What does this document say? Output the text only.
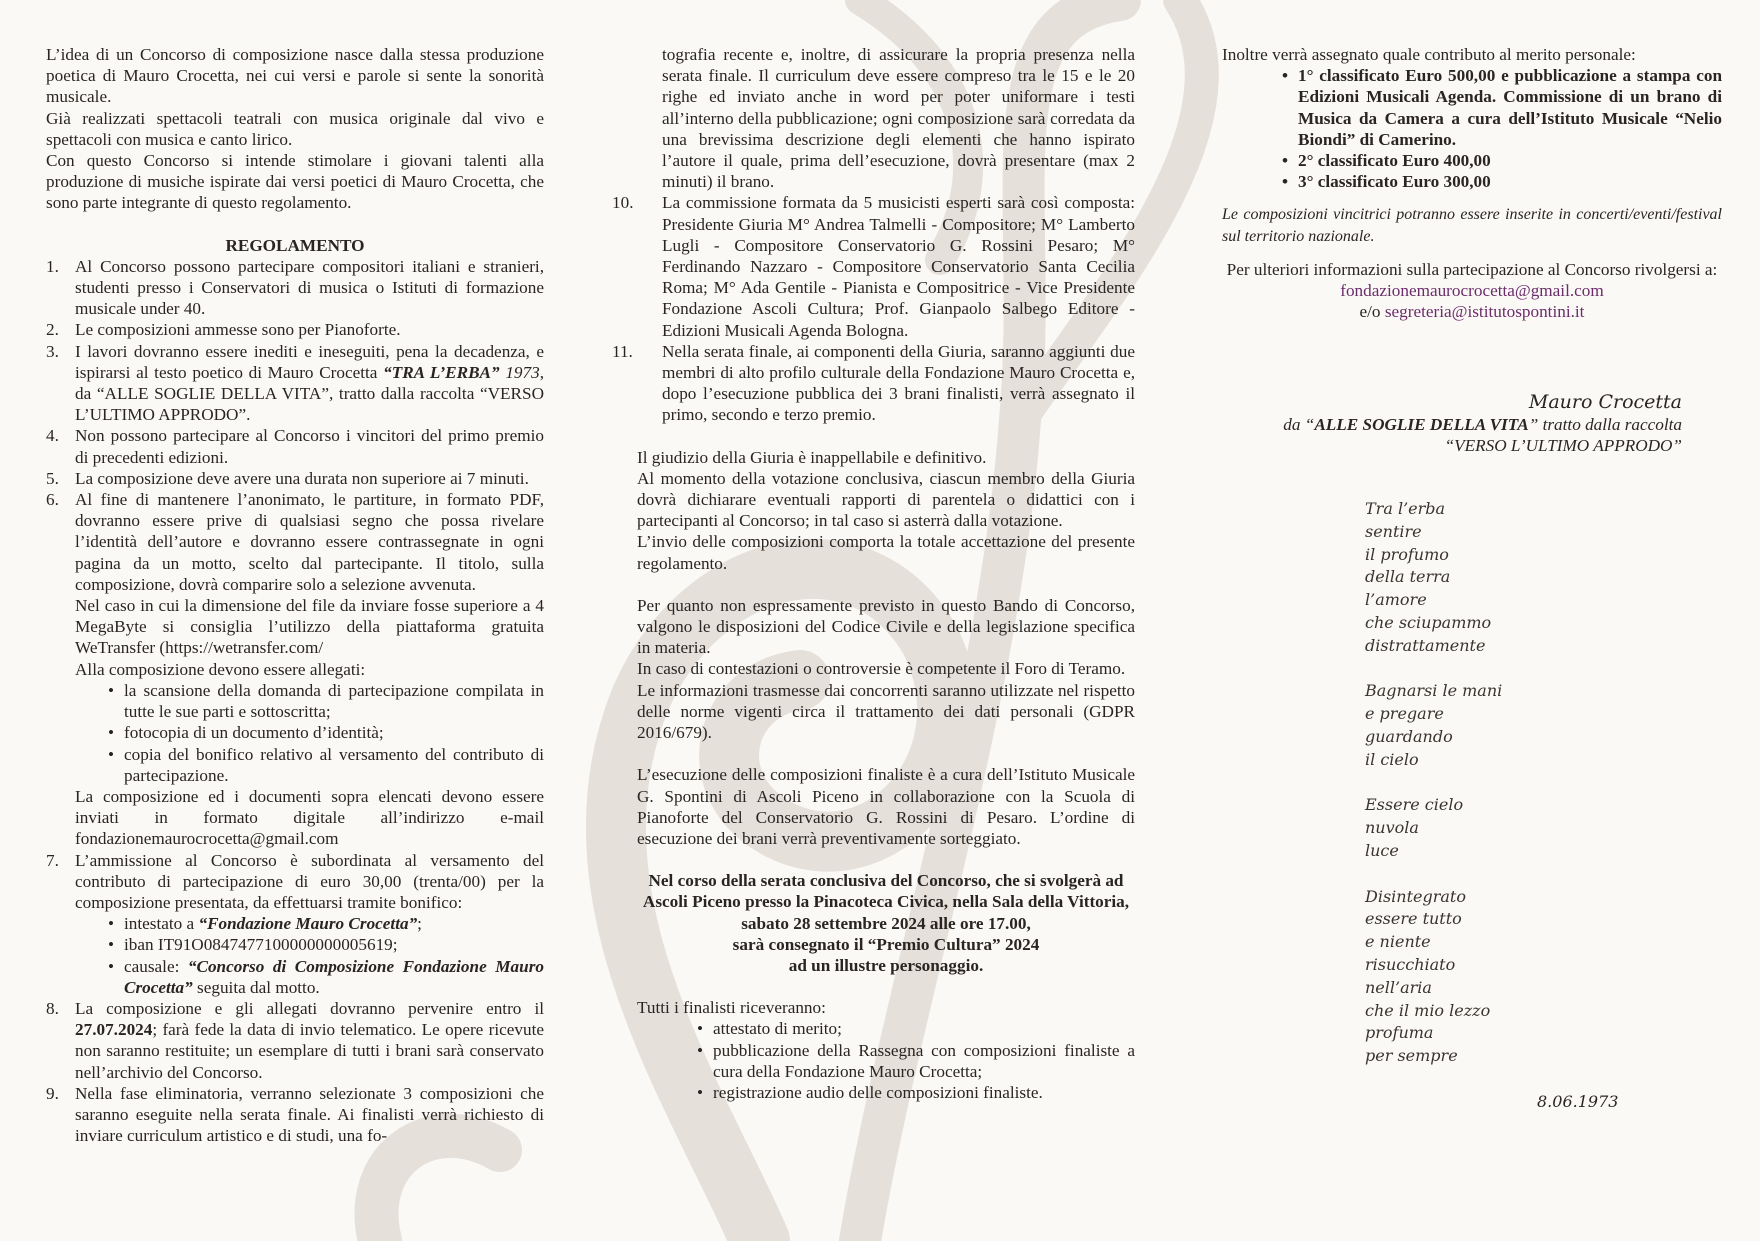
L’idea di un Concorso di composizione nasce dalla stessa produzione poetica di Mauro Crocetta, nei cui versi e parole si sente la sonorità musicale.

Già realizzati spettacoli teatrali con musica originale dal vivo e spettacoli con musica e canto lirico.

Con questo Concorso si intende stimolare i giovani talenti alla produzione di musiche ispirate dai versi poetici di Mauro Crocetta, che sono parte integrante di questo regolamento.

REGOLAMENTO

1. Al Concorso possono partecipare compositori italiani e stranieri, studenti presso i Conservatori di musica o Istituti di formazione musicale under 40.
2. Le composizioni ammesse sono per Pianoforte.
3. I lavori dovranno essere inediti e ineseguiti, pena la decadenza, e ispirarsi al testo poetico di Mauro Crocetta “TRA L’ERBA” 1973, da “ALLE SOGLIE DELLA VITA”, tratto dalla raccolta “VERSO L’ULTIMO APPRODO”.
4. Non possono partecipare al Concorso i vincitori del primo premio di precedenti edizioni.
5. La composizione deve avere una durata non superiore ai 7 minuti.
6. Al fine di mantenere l’anonimato, le partiture, in formato PDF, dovranno essere prive di qualsiasi segno che possa rivelare l’identità dell’autore e dovranno essere contrassegnate in ogni pagina da un motto, scelto dal partecipante. Il titolo, sulla composizione, dovrà comparire solo a selezione avvenuta.
Nel caso in cui la dimensione del file da inviare fosse superiore a 4 MegaByte si consiglia l’utilizzo della piattaforma gratuita WeTransfer (https://wetransfer.com/
Alla composizione devono essere allegati:
• la scansione della domanda di partecipazione compilata in tutte le sue parti e sottoscritta;
• fotocopia di un documento d’identità;
• copia del bonifico relativo al versamento del contributo di partecipazione.
La composizione ed i documenti sopra elencati devono essere inviati in formato digitale all’indirizzo e-mail fondazionemaurocrocetta@gmail.com
7. L’ammissione al Concorso è subordinata al versamento del contributo di partecipazione di euro 30,00 (trenta/00) per la composizione presentata, da effettuarsi tramite bonifico:
• intestato a “Fondazione Mauro Crocetta”;
• iban IT91O0847477100000000005619;
• causale: “Concorso di Composizione Fondazione Mauro Crocetta” seguita dal motto.
8. La composizione e gli allegati dovranno pervenire entro il 27.07.2024; farà fede la data di invio telematico. Le opere ricevute non saranno restituite; un esemplare di tutti i brani sarà conservato nell’archivio del Concorso.
9. Nella fase eliminatoria, verranno selezionate 3 composizioni che saranno eseguite nella serata finale. Ai finalisti verrà richiesto di inviare curriculum artistico e di studi, una fo-
tografia recente e, inoltre, di assicurare la propria presenza nella serata finale. Il curriculum deve essere compreso tra le 15 e le 20 righe ed inviato anche in word per poter uniformare i testi all’interno della pubblicazione; ogni composizione sarà corredata da una brevissima descrizione degli elementi che hanno ispirato l’autore il quale, prima dell’esecuzione, dovrà presentare (max 2 minuti) il brano.
10. La commissione formata da 5 musicisti esperti sarà così composta: Presidente Giuria M° Andrea Talmelli - Compositore; M° Lamberto Lugli - Compositore Conservatorio G. Rossini Pesaro; M° Ferdinando Nazzaro - Compositore Conservatorio Santa Cecilia Roma; M° Ada Gentile - Pianista e Compositrice - Vice Presidente Fondazione Ascoli Cultura; Prof. Gianpaolo Salbego Editore - Edizioni Musicali Agenda Bologna.
11. Nella serata finale, ai componenti della Giuria, saranno aggiunti due membri di alto profilo culturale della Fondazione Mauro Crocetta e, dopo l’esecuzione pubblica dei 3 brani finalisti, verrà assegnato il primo, secondo e terzo premio.

Il giudizio della Giuria è inappellabile e definitivo.

Al momento della votazione conclusiva, ciascun membro della Giuria dovrà dichiarare eventuali rapporti di parentela o didattici con i partecipanti al Concorso; in tal caso si asterrà dalla votazione.

L’invio delle composizioni comporta la totale accettazione del presente regolamento.

Per quanto non espressamente previsto in questo Bando di Concorso, valgono le disposizioni del Codice Civile e della legislazione specifica in materia.

In caso di contestazioni o controversie è competente il Foro di Teramo.

Le informazioni trasmesse dai concorrenti saranno utilizzate nel rispetto delle norme vigenti circa il trattamento dei dati personali (GDPR 2016/679).

L’esecuzione delle composizioni finaliste è a cura dell’Istituto Musicale G. Spontini di Ascoli Piceno in collaborazione con la Scuola di Pianoforte del Conservatorio G. Rossini di Pesaro. L’ordine di esecuzione dei brani verrà preventivamente sorteggiato.

Nel corso della serata conclusiva del Concorso, che si svolgerà ad Ascoli Piceno presso la Pinacoteca Civica, nella Sala della Vittoria, sabato 28 settembre 2024 alle ore 17.00,

sarà consegnato il “Premio Cultura” 2024

ad un illustre personaggio.

Tutti i finalisti riceveranno:

• attestato di merito;
• pubblicazione della Rassegna con composizioni finaliste a cura della Fondazione Mauro Crocetta;
• registrazione audio delle composizioni finaliste.

Inoltre verrà assegnato quale contributo al merito personale:

• 1° classificato Euro 500,00 e pubblicazione a stampa con Edizioni Musicali Agenda. Commissione di un brano di Musica da Camera a cura dell’Istituto Musicale “Nelio Biondi” di Camerino.
• 2° classificato Euro 400,00
• 3° classificato Euro 300,00

Le composizioni vincitrici potranno essere inserite in concerti/eventi/festival sul territorio nazionale.

Per ulteriori informazioni sulla partecipazione al Concorso rivolgersi a:

fondazionemaurocrocetta@gmail.com

e/o segreteria@istitutospontini.it

Mauro Crocetta
da “ALLE SOGLIE DELLA VITA” tratto dalla raccolta
“VERSO L’ULTIMO APPRODO”
Tra l’erba
sentire
il profumo
della terra
l’amore
che sciupammo
distrattamente
Bagnarsi le mani
e pregare
guardando
il cielo
Essere cielo
nuvola
luce
Disintegrato
essere tutto
e niente
risucchiato
nell’aria
che il mio lezzo
profuma
per sempre
8.06.1973
